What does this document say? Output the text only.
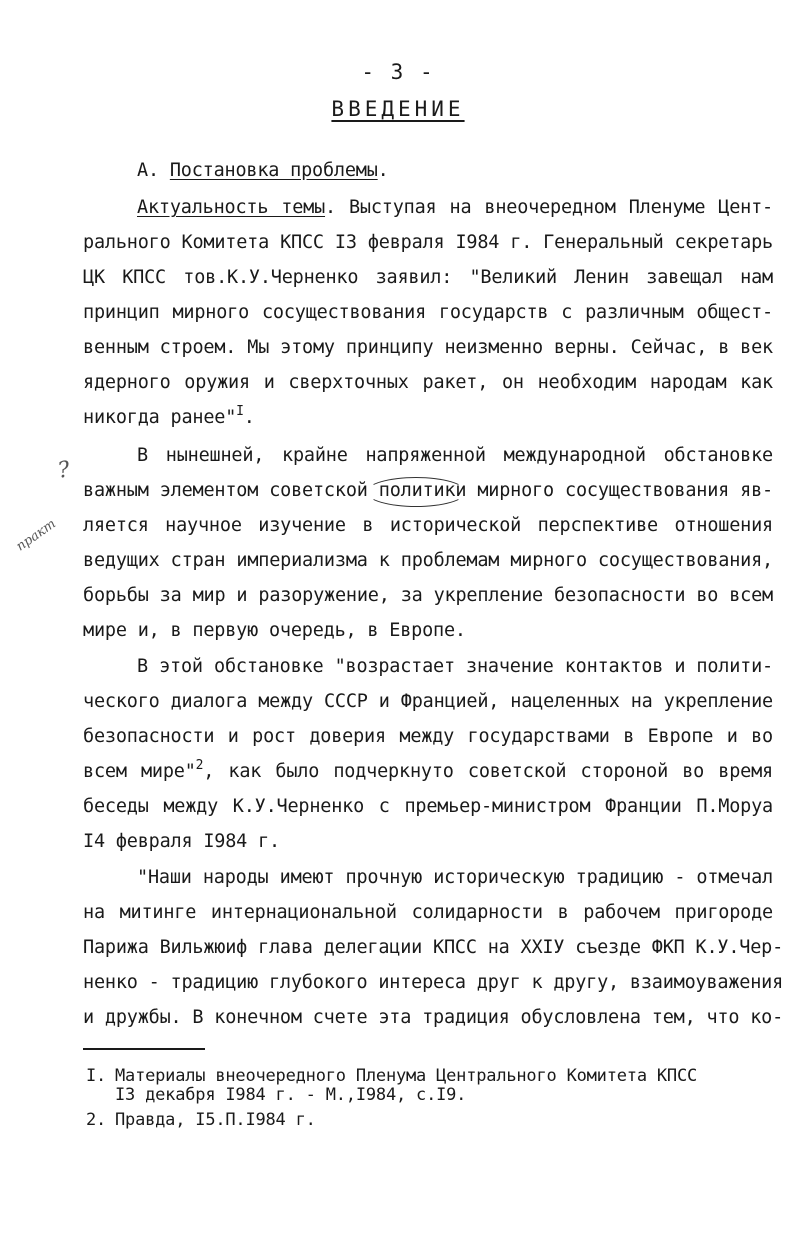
- 3 -
ВВЕДЕНИЕ
А. Постановка проблемы.
Актуальность темы. Выступая на внеочередном Пленуме Цент-
рального Комитета КПСС I3 февраля I984 г. Генеральный секретарь
ЦК КПСС тов.К.У.Черненко заявил: "Великий Ленин завещал нам
принцип мирного сосуществования государств с различным общест-
венным строем. Мы этому принципу неизменно верны. Сейчас, в век
ядерного оружия и сверхточных ракет, он необходим народам как
никогда ранее"$^I$.
В нынешней, крайне напряженной международной обстановке
важным элементом советской политики мирного сосуществования яв-
ляется научное изучение в исторической перспективе отношения
ведущих стран империализма к проблемам мирного сосуществования,
борьбы за мир и разоружение, за укрепление безопасности во всем
мире и, в первую очередь, в Европе.
В этой обстановке "возрастает значение контактов и полити-
ческого диалога между СССР и Францией, нацеленных на укрепление
безопасности и рост доверия между государствами в Европе и во
всем мире"$^2$, как было подчеркнуто советской стороной во время
беседы между К.У.Черненко с премьер-министром Франции П.Моруа
I4 февраля I984 г.
"Наши народы имеют прочную историческую традицию - отмечал
на митинге интернациональной солидарности в рабочем пригороде
Парижа Вильжюиф глава делегации КПСС на XXIУ съезде ФКП К.У.Чер-
ненко - традицию глубокого интереса друг к другу, взаимоуважения
и дружбы. В конечном счете эта традиция обусловлена тем, что ко-
I. Материалы внеочередного Пленума Центрального Комитета КПСС
I3 декабря I984 г. - М.,I984, с.I9.
2. Правда, I5.П.I984 г.
?
практ
